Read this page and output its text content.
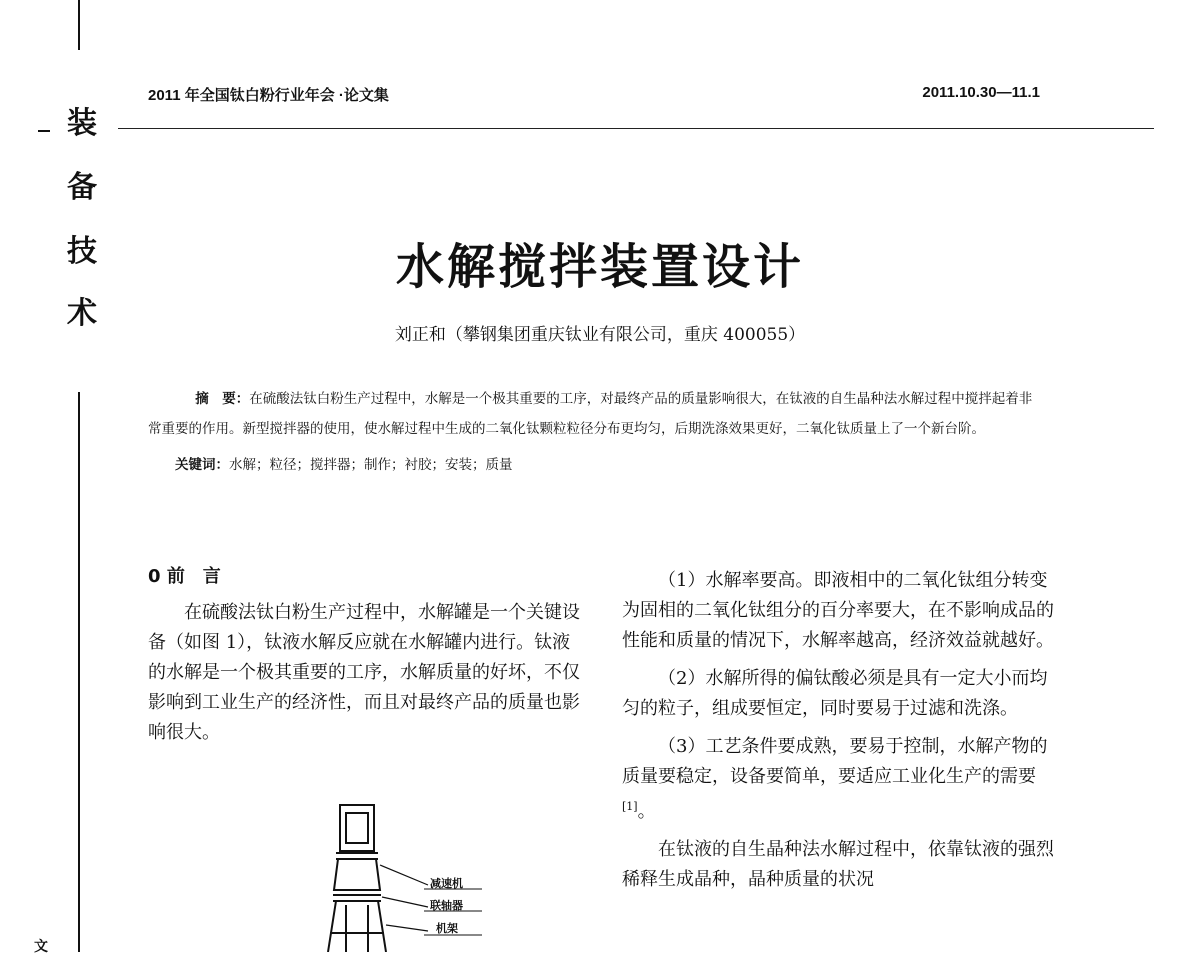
装
备
技
术
文
2011 年全国钛白粉行业年会 ·论文集	2011.10.30—11.1
水解搅拌装置设计
刘正和（攀钢集团重庆钛业有限公司，重庆 400055）
摘　要：在硫酸法钛白粉生产过程中，水解是一个极其重要的工序，对最终产品的质量影响很大，在钛液的自生晶种法水解过程中搅拌起着非常重要的作用。新型搅拌器的使用，使水解过程中生成的二氧化钛颗粒粒径分布更均匀，后期洗涤效果更好，二氧化钛质量上了一个新台阶。
关键词：水解；粒径；搅拌器；制作；衬胶；安装；质量
0 前　言

在硫酸法钛白粉生产过程中，水解罐是一个关键设备（如图 1），钛液水解反应就在水解罐内进行。钛液的水解是一个极其重要的工序，水解质量的好坏，不仅影响到工业生产的经济性，而且对最终产品的质量也影响很大。

减速机
联轴器
机架

（1）水解率要高。即液相中的二氧化钛组分转变为固相的二氧化钛组分的百分率要大，在不影响成品的性能和质量的情况下，水解率越高，经济效益就越好。

（2）水解所得的偏钛酸必须是具有一定大小而均匀的粒子，组成要恒定，同时要易于过滤和洗涤。

（3）工艺条件要成熟，要易于控制，水解产物的质量要稳定，设备要简单，要适应工业化生产的需要[1]。

在钛液的自生晶种法水解过程中，依靠钛液的强烈稀释生成晶种，晶种质量的状况
